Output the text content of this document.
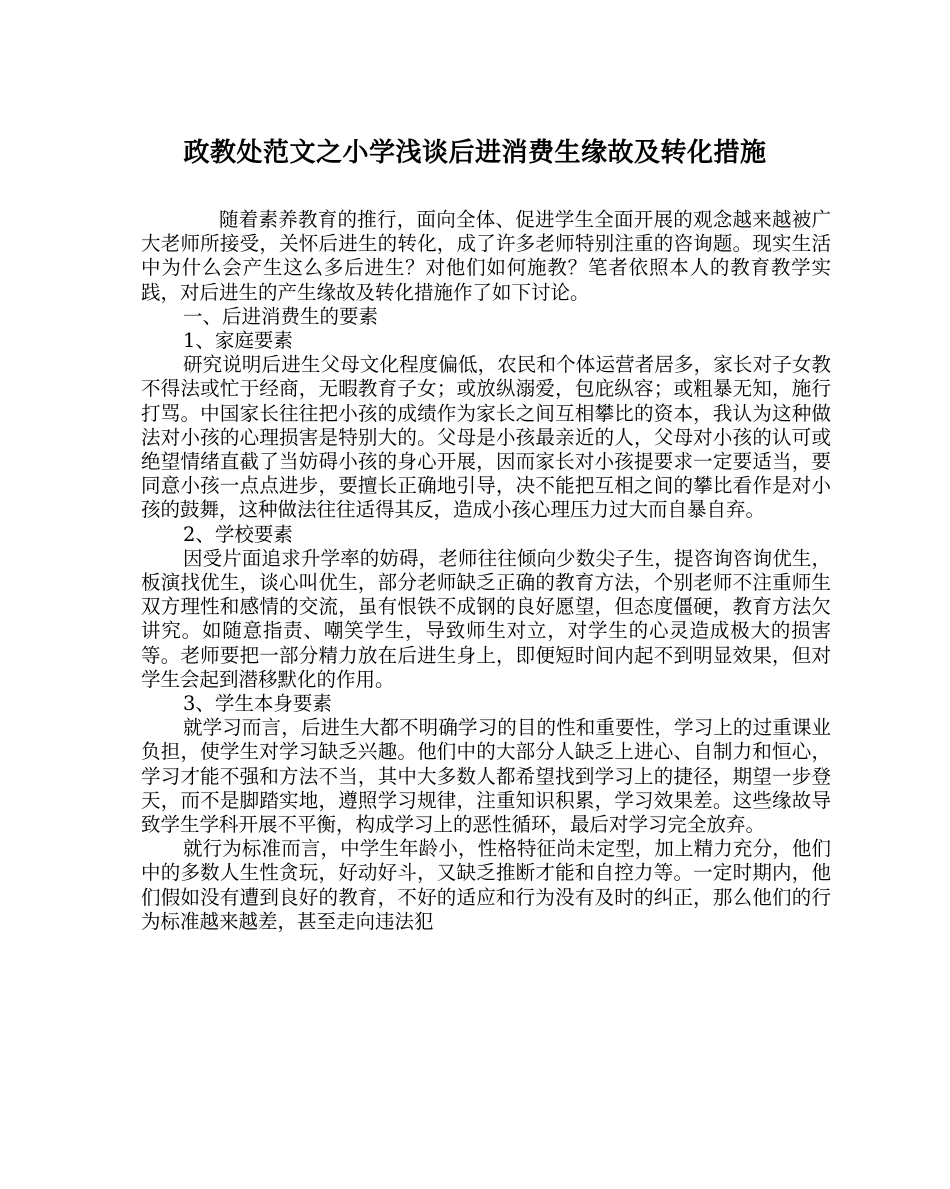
政教处范文之小学浅谈后进消费生缘故及转化措施

随着素养教育的推行，面向全体、促进学生全面开展的观念越来越被广大老师所接受，关怀后进生的转化，成了许多老师特别注重的咨询题。现实生活中为什么会产生这么多后进生？对他们如何施教？笔者依照本人的教育教学实践，对后进生的产生缘故及转化措施作了如下讨论。

一、后进消费生的要素

1、家庭要素

研究说明后进生父母文化程度偏低，农民和个体运营者居多，家长对子女教不得法或忙于经商，无暇教育子女；或放纵溺爱，包庇纵容；或粗暴无知，施行打骂。中国家长往往把小孩的成绩作为家长之间互相攀比的资本，我认为这种做法对小孩的心理损害是特别大的。父母是小孩最亲近的人，父母对小孩的认可或绝望情绪直截了当妨碍小孩的身心开展，因而家长对小孩提要求一定要适当，要同意小孩一点点进步，要擅长正确地引导，决不能把互相之间的攀比看作是对小孩的鼓舞，这种做法往往适得其反，造成小孩心理压力过大而自暴自弃。

2、学校要素

因受片面追求升学率的妨碍，老师往往倾向少数尖子生，提咨询咨询优生，板演找优生，谈心叫优生，部分老师缺乏正确的教育方法，个别老师不注重师生双方理性和感情的交流，虽有恨铁不成钢的良好愿望，但态度僵硬，教育方法欠讲究。如随意指责、嘲笑学生，导致师生对立，对学生的心灵造成极大的损害等。老师要把一部分精力放在后进生身上，即便短时间内起不到明显效果，但对学生会起到潜移默化的作用。

3、学生本身要素

就学习而言，后进生大都不明确学习的目的性和重要性，学习上的过重课业负担，使学生对学习缺乏兴趣。他们中的大部分人缺乏上进心、自制力和恒心，学习才能不强和方法不当，其中大多数人都希望找到学习上的捷径，期望一步登天，而不是脚踏实地，遵照学习规律，注重知识积累，学习效果差。这些缘故导致学生学科开展不平衡，构成学习上的恶性循环，最后对学习完全放弃。

就行为标准而言，中学生年龄小，性格特征尚未定型，加上精力充分，他们中的多数人生性贪玩，好动好斗，又缺乏推断才能和自控力等。一定时期内，他们假如没有遭到良好的教育，不好的适应和行为没有及时的纠正，那么他们的行为标准越来越差，甚至走向违法犯
